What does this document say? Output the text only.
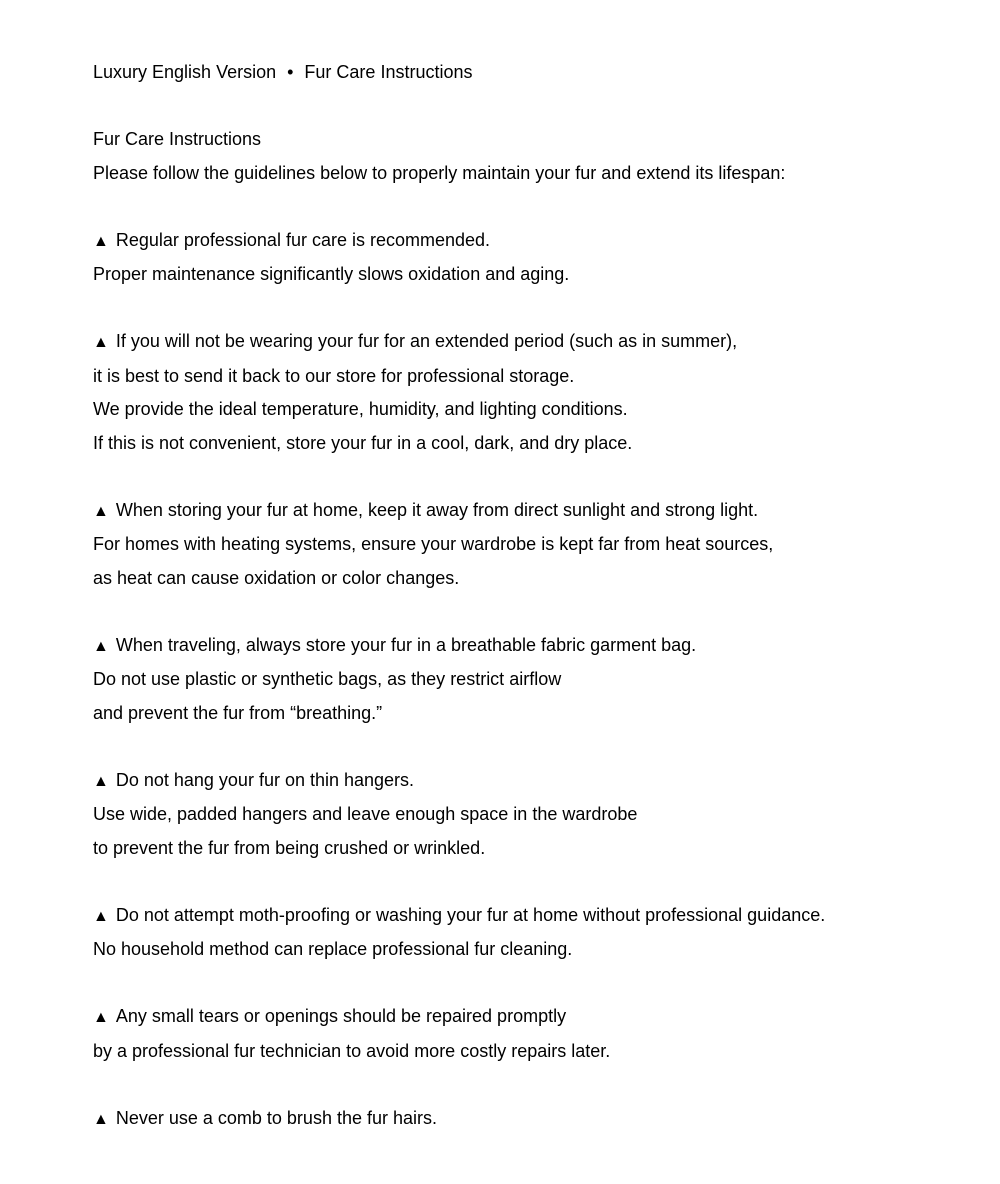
Luxury English Version • Fur Care Instructions

Fur Care Instructions

Please follow the guidelines below to properly maintain your fur and extend its lifespan:

▲ Regular professional fur care is recommended.

Proper maintenance significantly slows oxidation and aging.

▲ If you will not be wearing your fur for an extended period (such as in summer),

it is best to send it back to our store for professional storage.

We provide the ideal temperature, humidity, and lighting conditions.

If this is not convenient, store your fur in a cool, dark, and dry place.

▲ When storing your fur at home, keep it away from direct sunlight and strong light.

For homes with heating systems, ensure your wardrobe is kept far from heat sources,

as heat can cause oxidation or color changes.

▲ When traveling, always store your fur in a breathable fabric garment bag.

Do not use plastic or synthetic bags, as they restrict airflow

and prevent the fur from “breathing.”

▲ Do not hang your fur on thin hangers.

Use wide, padded hangers and leave enough space in the wardrobe

to prevent the fur from being crushed or wrinkled.

▲ Do not attempt moth-proofing or washing your fur at home without professional guidance.

No household method can replace professional fur cleaning.

▲ Any small tears or openings should be repaired promptly

by a professional fur technician to avoid more costly repairs later.

▲ Never use a comb to brush the fur hairs.
